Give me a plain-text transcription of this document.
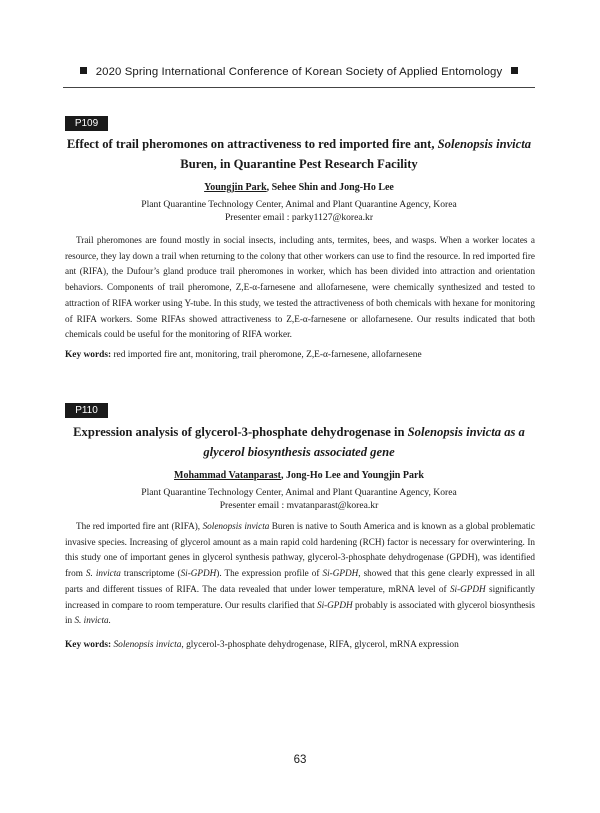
2020 Spring International Conference of Korean Society of Applied Entomology
P109
Effect of trail pheromones on attractiveness to red imported fire ant, Solenopsis invicta
Buren, in Quarantine Pest Research Facility
Youngjin Park, Sehee Shin and Jong-Ho Lee
Plant Quarantine Technology Center, Animal and Plant Quarantine Agency, Korea
Presenter email : parky1127@korea.kr

Trail pheromones are found mostly in social insects, including ants, termites, bees, and wasps. When a worker locates a resource, they lay down a trail when returning to the colony that other workers can use to find the resource. In red imported fire ant (RIFA), the Dufour’s gland produce trail pheromones in worker, which has been divided into attraction and orientation behaviors. Components of trail pheromone, Z,E-α-farnesene and allofarnesene, were chemically synthesized and tested to attraction of RIFA worker using Y-tube. In this study, we tested the attractiveness of both chemicals with hexane for monitoring of RIFA workers. Some RIFAs showed attractiveness to Z,E-α-farnesene or allofarnesene. Our results indicated that both chemicals could be useful for the monitoring of RIFA worker.

Key words: red imported fire ant, monitoring, trail pheromone, Z,E-α-farnesene, allofarnesene
P110
Expression analysis of glycerol-3-phosphate dehydrogenase in Solenopsis invicta as a
glycerol biosynthesis associated gene
Mohammad Vatanparast, Jong-Ho Lee and Youngjin Park
Plant Quarantine Technology Center, Animal and Plant Quarantine Agency, Korea
Presenter email : mvatanparast@korea.kr

The red imported fire ant (RIFA), Solenopsis invicta Buren is native to South America and is known as a global problematic invasive species. Increasing of glycerol amount as a main rapid cold hardening (RCH) factor is necessary for overwintering. In this study one of important genes in glycerol synthesis pathway, glycerol-3-phosphate dehydrogenase (GPDH), was identified from S. invicta transcriptome (Si-GPDH). The expression profile of Si-GPDH, showed that this gene clearly expressed in all parts and different tissues of RIFA. The data revealed that under lower temperature, mRNA level of Si-GPDH significantly increased in compare to room temperature. Our results clarified that Si-GPDH probably is associated with glycerol biosynthesis in S. invicta.

Key words: Solenopsis invicta, glycerol-3-phosphate dehydrogenase, RIFA, glycerol, mRNA expression
63
